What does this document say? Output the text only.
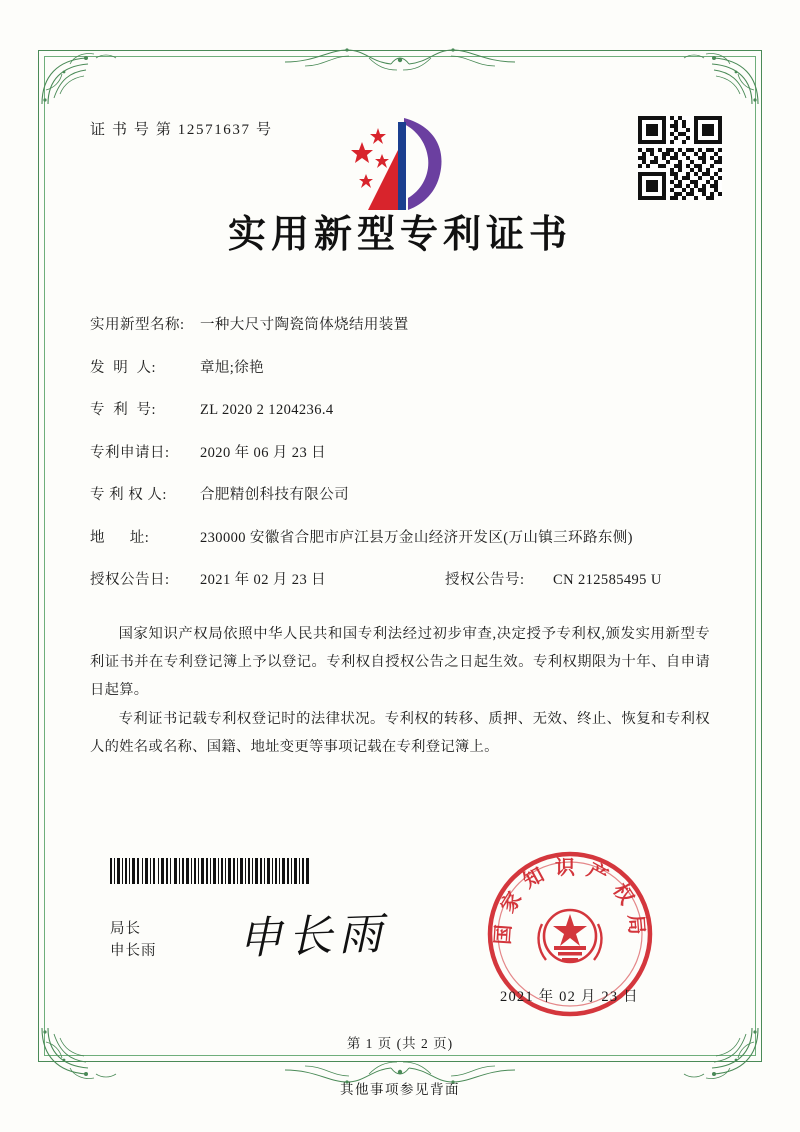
证 书 号 第 12571637 号
实用新型专利证书
实用新型名称:	一种大尺寸陶瓷筒体烧结用装置
发  明  人:	章旭;徐艳
专  利  号:	ZL 2020 2 1204236.4
专利申请日:	2020 年 06 月 23 日
专 利 权 人:	合肥精创科技有限公司
地      址:	230000 安徽省合肥市庐江县万金山经济开发区(万山镇三环路东侧)
授权公告日:	2021 年 02 月 23 日	授权公告号:	CN 212585495 U

国家知识产权局依照中华人民共和国专利法经过初步审查,决定授予专利权,颁发实用新型专利证书并在专利登记簿上予以登记。专利权自授权公告之日起生效。专利权期限为十年、自申请日起算。

专利证书记载专利权登记时的法律状况。专利权的转移、质押、无效、终止、恢复和专利权人的姓名或名称、国籍、地址变更等事项记载在专利登记簿上。

局长
申长雨 申长雨	国家知识产权局
2021 年 02 月 23 日
第 1 页 (共 2 页)
其他事项参见背面
